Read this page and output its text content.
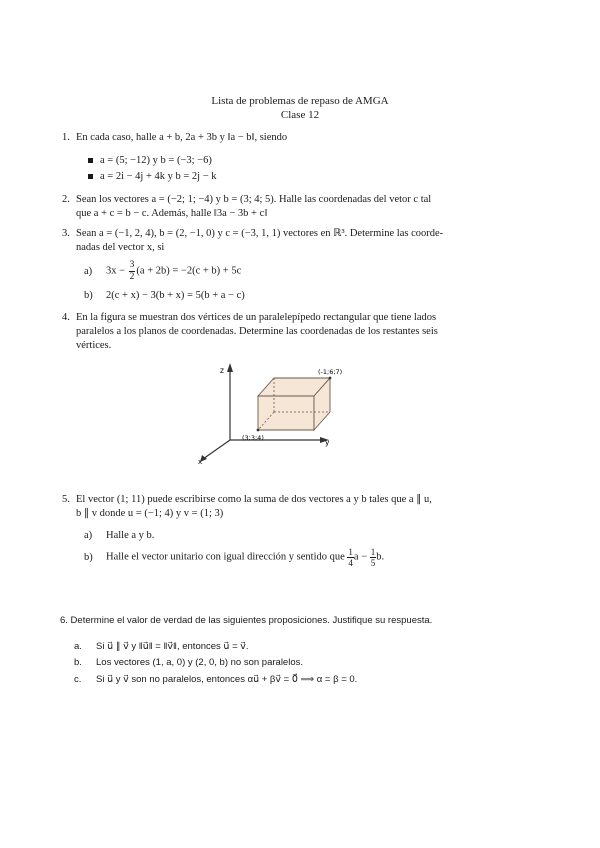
Lista de problemas de repaso de AMGA
Clase 12
1. En cada caso, halle a + b, 2a + 3b y ‖a − b‖, siendo
a = (5; −12) y b = (−3; −6)
a = 2i − 4j + 4k y b = 2j − k
2. Sean los vectores a = (−2; 1; −4) y b = (3; 4; 5). Halle las coordenadas del vetor c tal
que a + c = b − c. Además, halle ‖3a − 3b + c‖
3. Sean a = (−1, 2, 4), b = (2, −1, 0) y c = (−3, 1, 1) vectores en ℝ³. Determine las coorde-
nadas del vector x, si
a) $3x - \frac{3}{2} (a + 2b) = -2(c + b) + 5c$
b) 2(c + x) − 3(b + x) = 5(b + a − c)
4. En la figura se muestran dos vértices de un paralelepípedo rectangular que tiene lados
paralelos a los planos de coordenadas. Determine las coordenadas de los restantes seis
vértices.
z
y
x
(-1;6;7)
(3;3;4)
5. El vector (1; 11) puede escribirse como la suma de dos vectores a y b tales que a ∥ u,
b ∥ v donde u = (−1; 4) y v = (1; 3)
a) Halle a y b.
b) Halle el vector unitario con igual dirección y sentido que $\frac{1}{4}$ $a - \frac{1}{5} b$.
6. Determine el valor de verdad de las siguientes proposiciones. Justifique su respuesta.
a. Si u⃗ ∥ v⃗ y ‖u⃗‖ = ‖v⃗‖, entonces u⃗ = v⃗.
b. Los vectores (1, a, 0) y (2, 0, b) no son paralelos.
c. Si u⃗ y v⃗ son no paralelos, entonces αu⃗ + βv⃗ = 0⃗ ⟹ α = β = 0.
